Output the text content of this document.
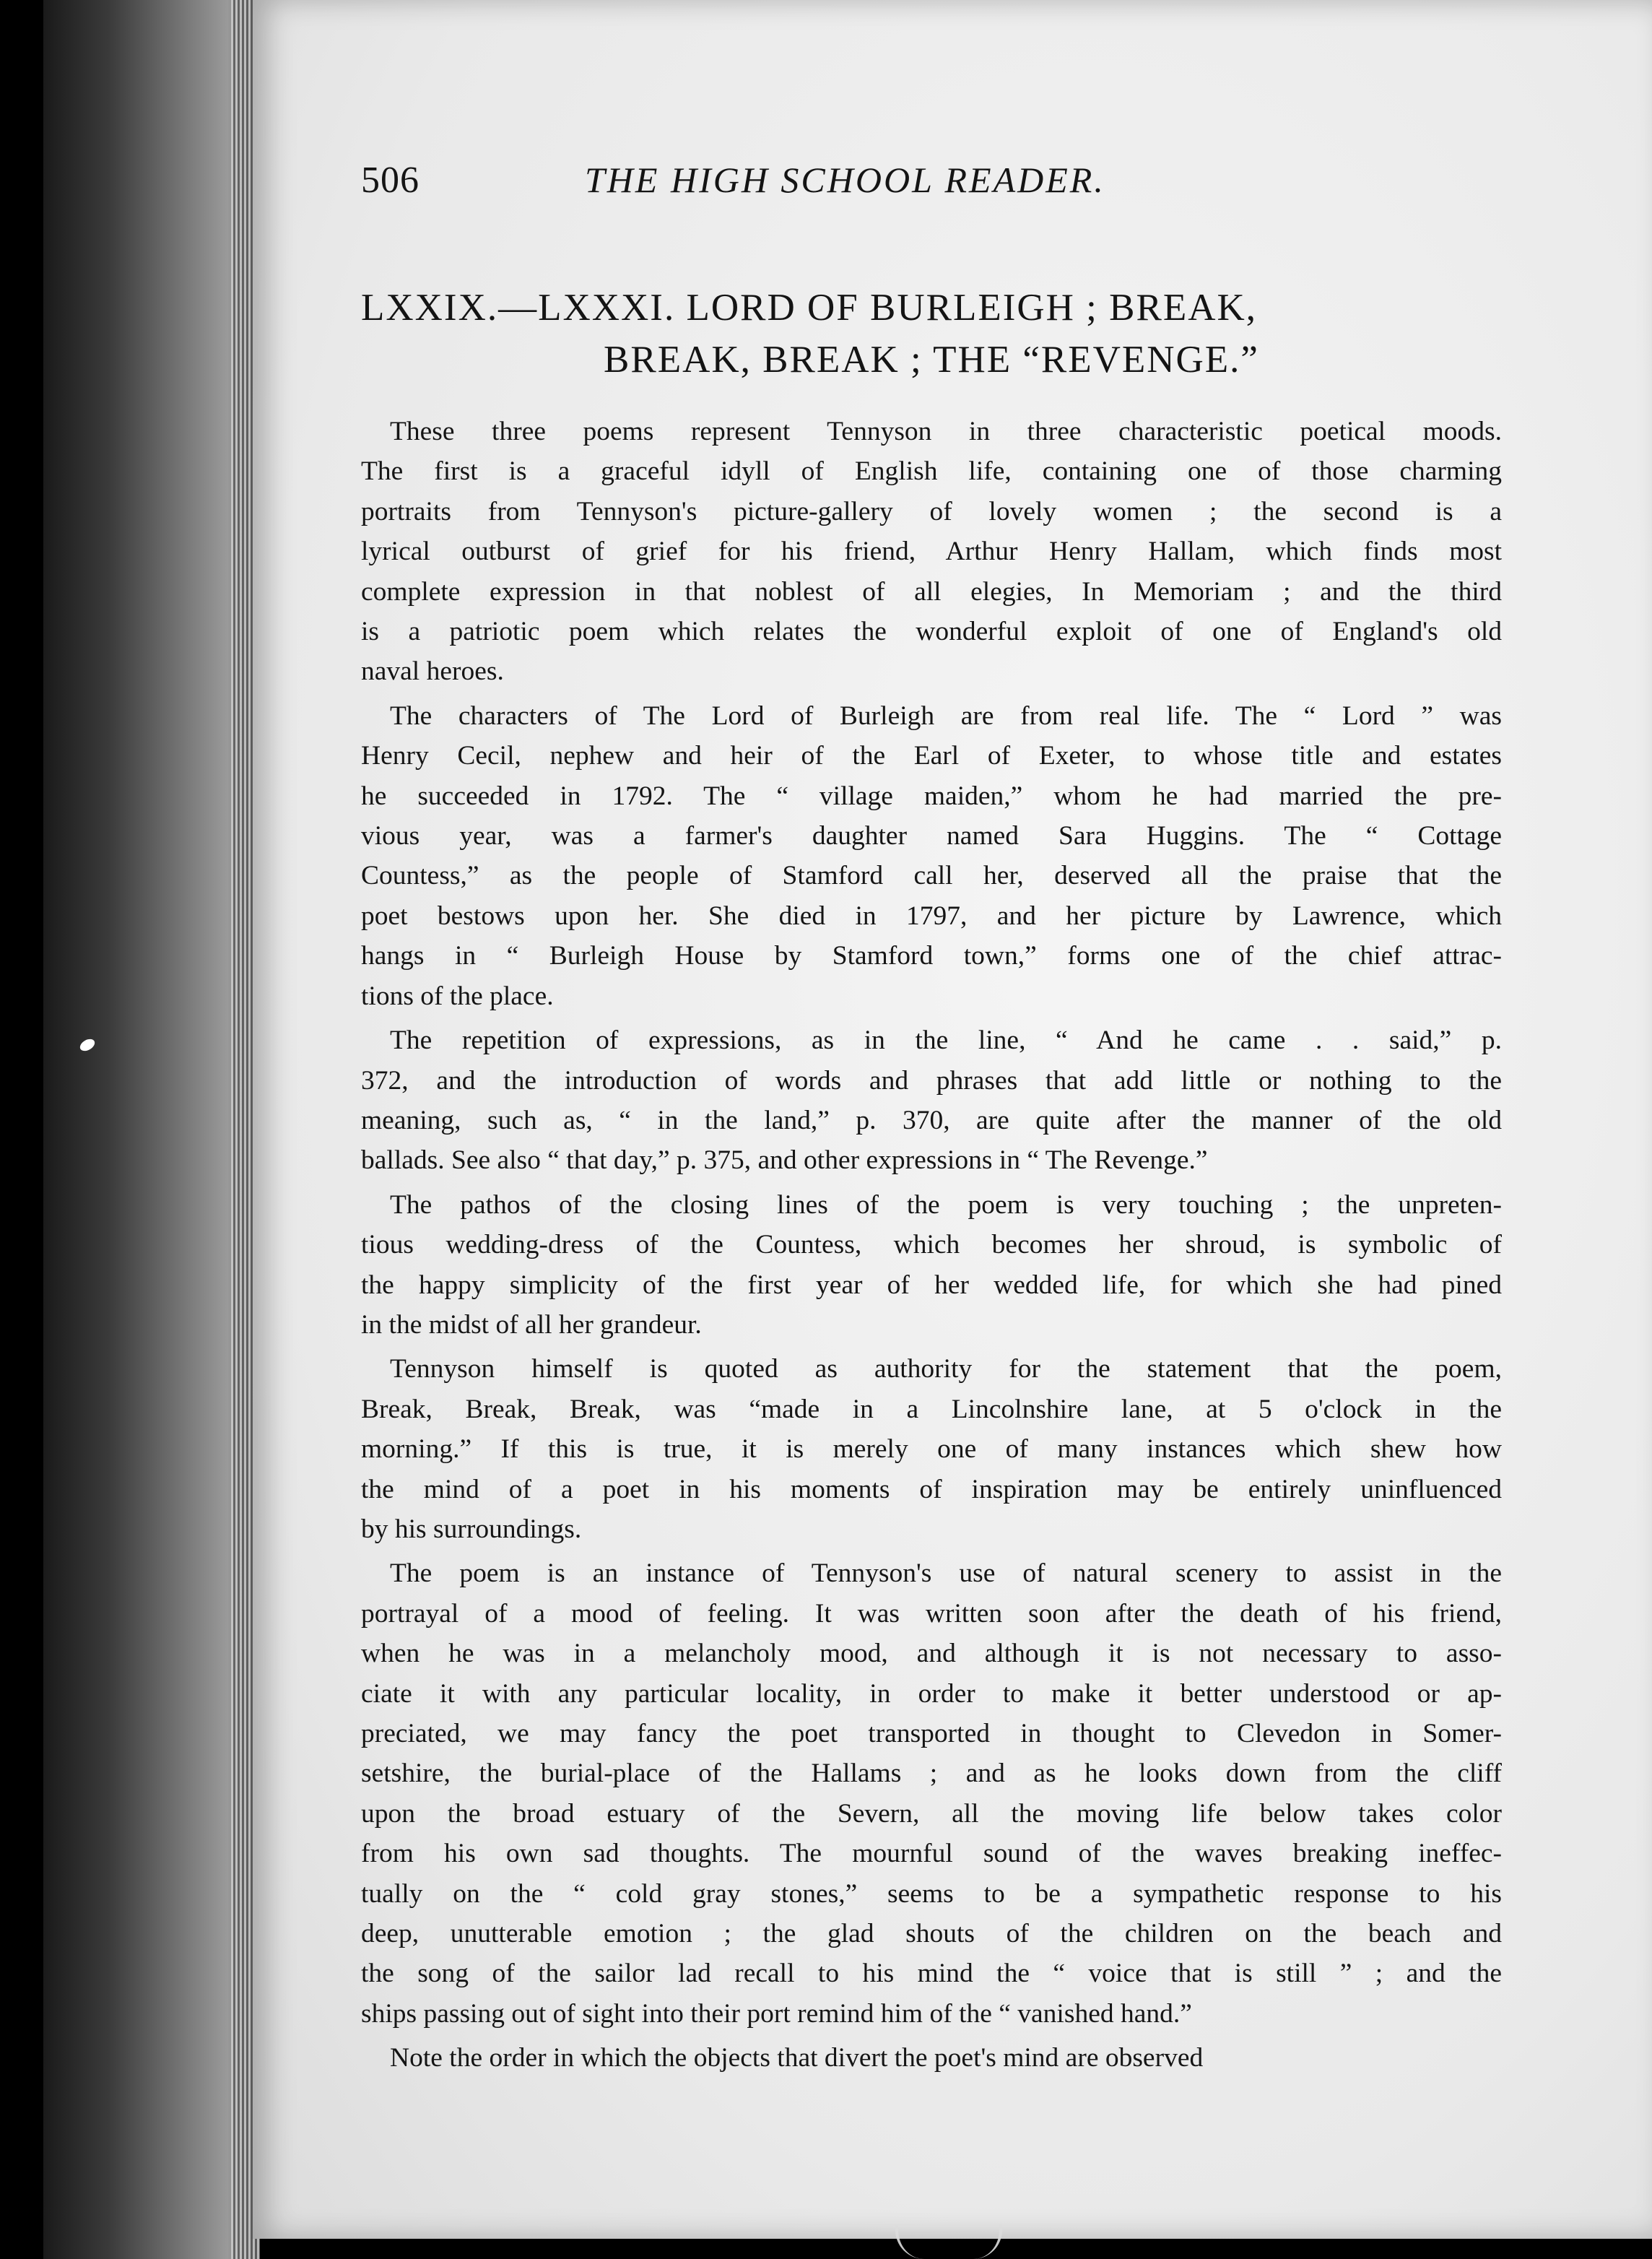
506	THE HIGH SCHOOL READER.
LXXIX.—LXXXI. LORD OF BURLEIGH ; BREAK,
BREAK, BREAK ; THE “REVENGE.”

These three poems represent Tennyson in three characteristic poetical moods.
The first is a graceful idyll of English life, containing one of those charming
portraits from Tennyson's picture-gallery of lovely women ; the second is a
lyrical outburst of grief for his friend, Arthur Henry Hallam, which finds most
complete expression in that noblest of all elegies, In Memoriam ; and the third
is a patriotic poem which relates the wonderful exploit of one of England's old
naval heroes.

The characters of The Lord of Burleigh are from real life. The “ Lord ” was
Henry Cecil, nephew and heir of the Earl of Exeter, to whose title and estates
he succeeded in 1792. The “ village maiden,” whom he had married the pre-
vious year, was a farmer's daughter named Sara Huggins. The “ Cottage
Countess,” as the people of Stamford call her, deserved all the praise that the
poet bestows upon her. She died in 1797, and her picture by Lawrence, which
hangs in “ Burleigh House by Stamford town,” forms one of the chief attrac-
tions of the place.

The repetition of expressions, as in the line, “ And he came . . said,” p.
372, and the introduction of words and phrases that add little or nothing to the
meaning, such as, “ in the land,” p. 370, are quite after the manner of the old
ballads. See also “ that day,” p. 375, and other expressions in “ The Revenge.”

The pathos of the closing lines of the poem is very touching ; the unpreten-
tious wedding-dress of the Countess, which becomes her shroud, is symbolic of
the happy simplicity of the first year of her wedded life, for which she had pined
in the midst of all her grandeur.

Tennyson himself is quoted as authority for the statement that the poem,
Break, Break, Break, was “made in a Lincolnshire lane, at 5 o'clock in the
morning.” If this is true, it is merely one of many instances which shew how
the mind of a poet in his moments of inspiration may be entirely uninfluenced
by his surroundings.

The poem is an instance of Tennyson's use of natural scenery to assist in the
portrayal of a mood of feeling. It was written soon after the death of his friend,
when he was in a melancholy mood, and although it is not necessary to asso-
ciate it with any particular locality, in order to make it better understood or ap-
preciated, we may fancy the poet transported in thought to Clevedon in Somer-
setshire, the burial-place of the Hallams ; and as he looks down from the cliff
upon the broad estuary of the Severn, all the moving life below takes color
from his own sad thoughts. The mournful sound of the waves breaking ineffec-
tually on the “ cold gray stones,” seems to be a sympathetic response to his
deep, unutterable emotion ; the glad shouts of the children on the beach and
the song of the sailor lad recall to his mind the “ voice that is still ” ; and the
ships passing out of sight into their port remind him of the “ vanished hand.”

Note the order in which the objects that divert the poet's mind are observed
